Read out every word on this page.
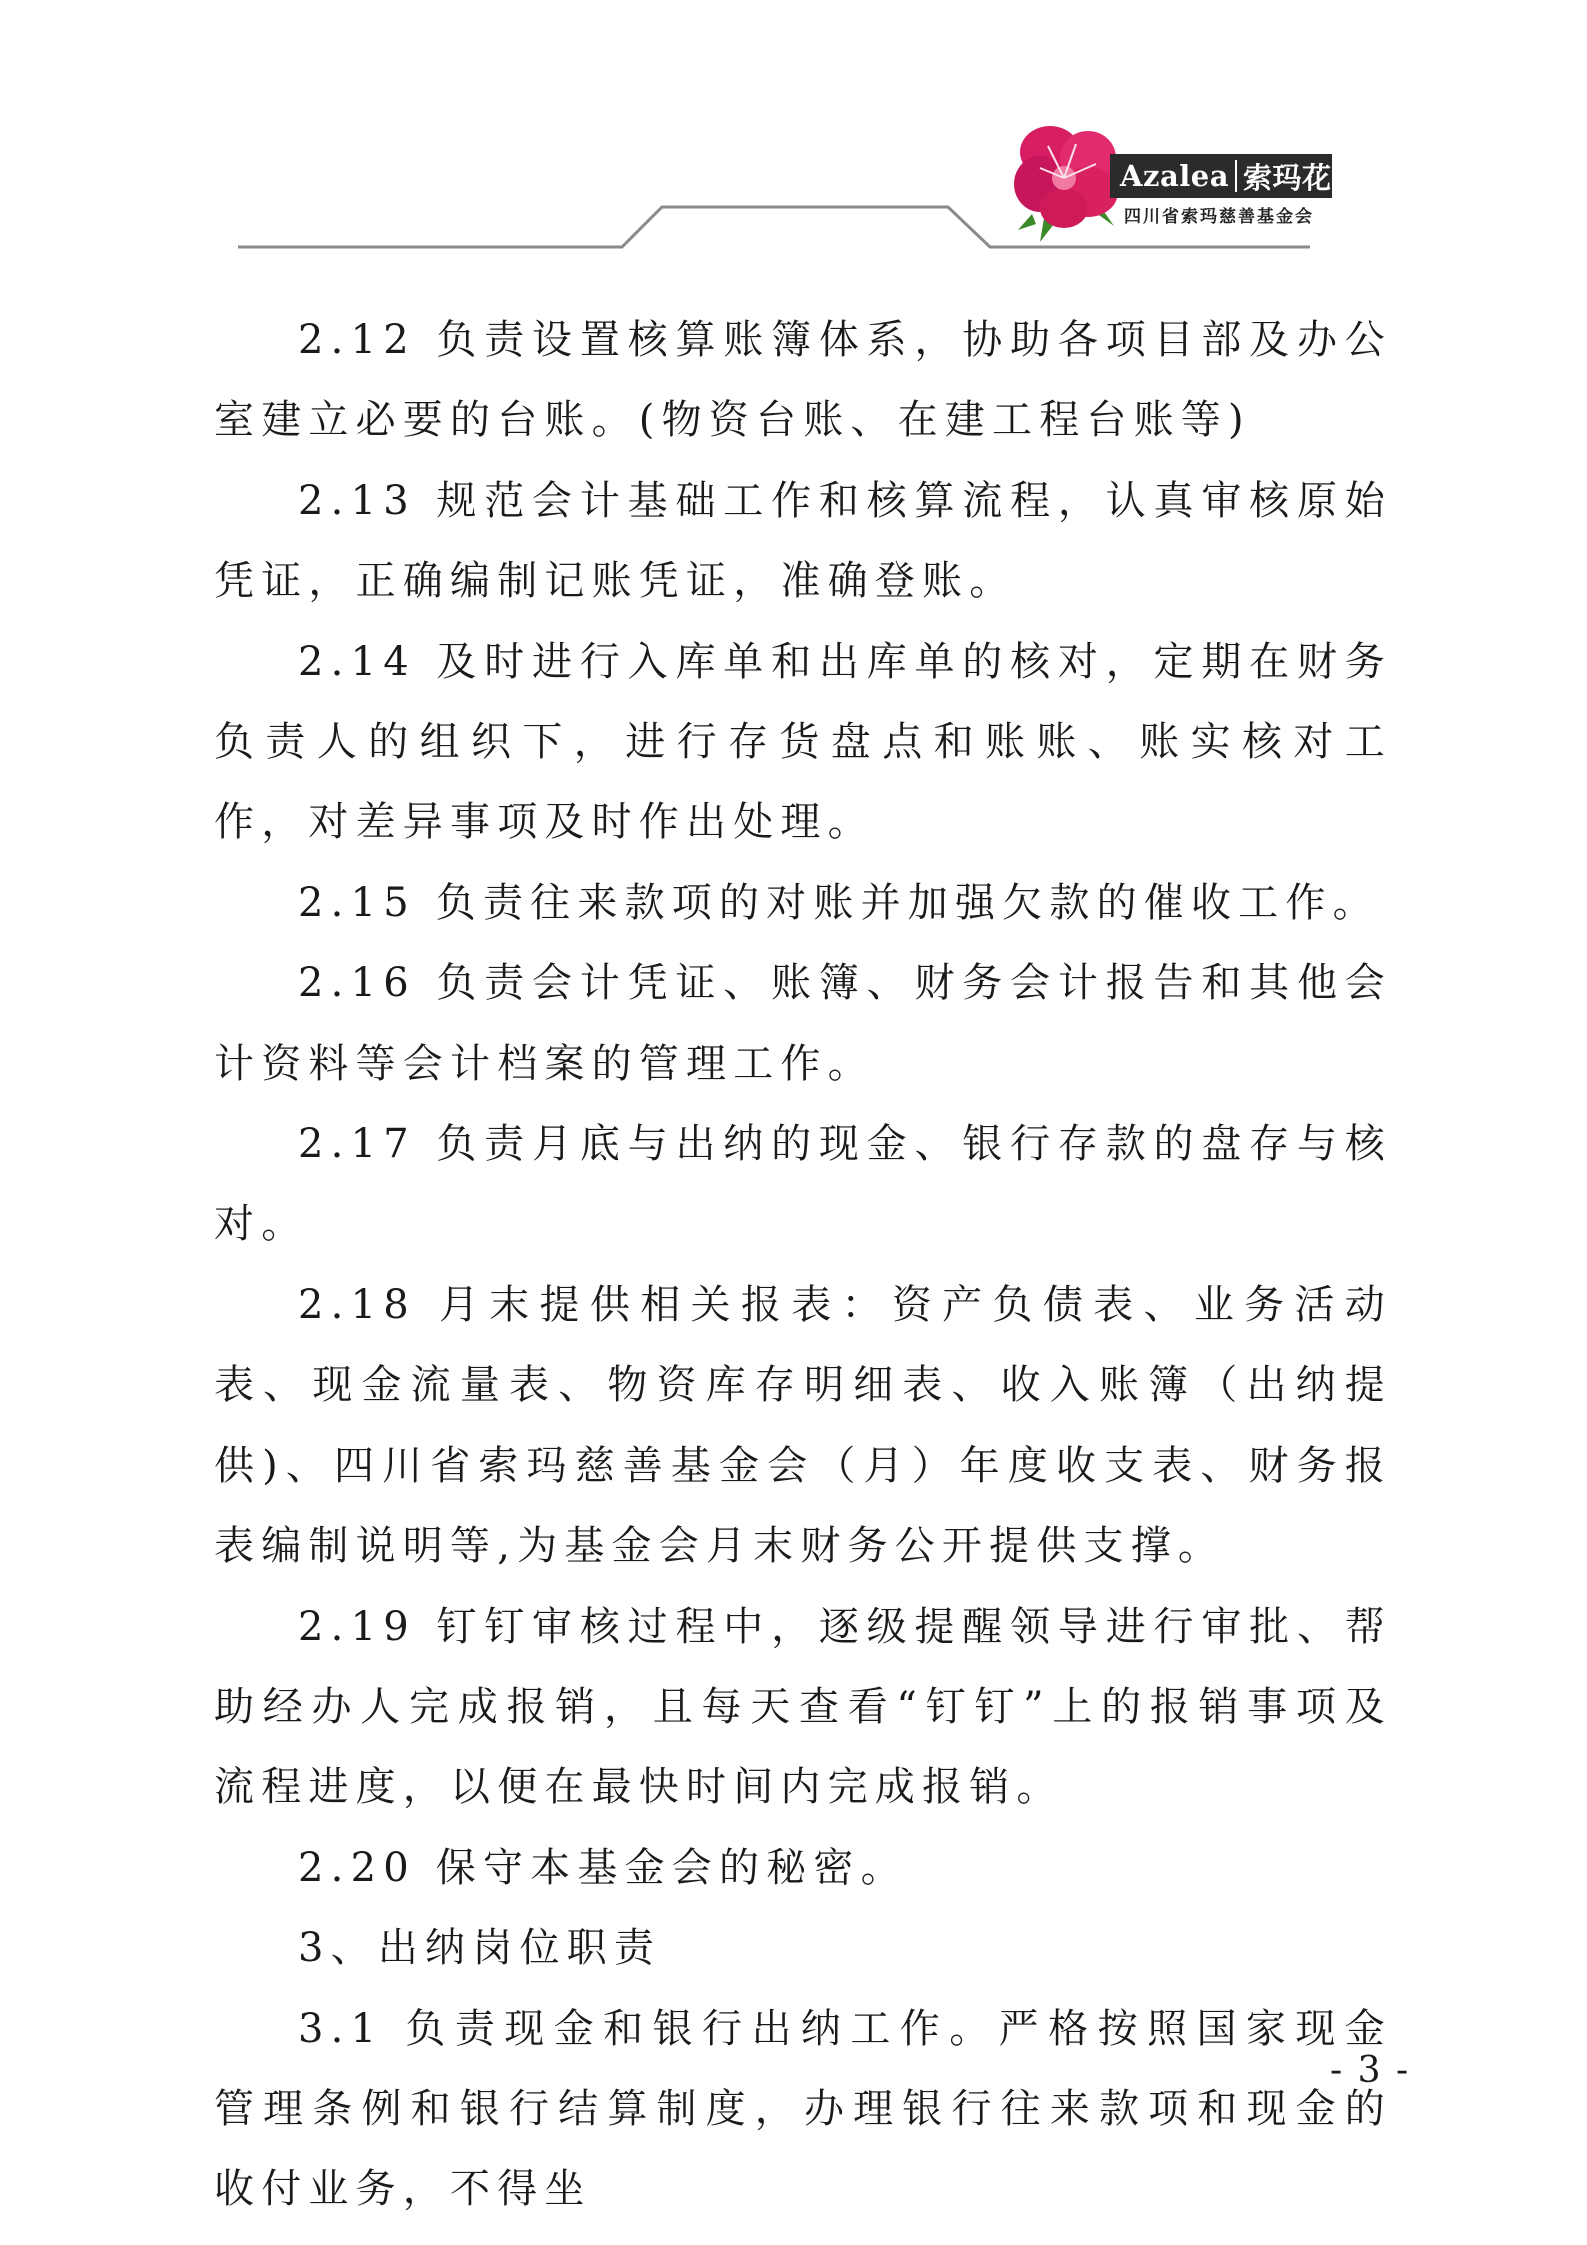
Azalea 索玛花
四川省索玛慈善基金会

2.12 负责设置核算账簿体系，协助各项目部及办公室建立必要的台账。(物资台账、在建工程台账等)

2.13 规范会计基础工作和核算流程，认真审核原始凭证，正确编制记账凭证，准确登账。

2.14 及时进行入库单和出库单的核对，定期在财务负责人的组织下，进行存货盘点和账账、账实核对工作，对差异事项及时作出处理。

2.15 负责往来款项的对账并加强欠款的催收工作。

2.16 负责会计凭证、账簿、财务会计报告和其他会计资料等会计档案的管理工作。

2.17 负责月底与出纳的现金、银行存款的盘存与核对。

2.18 月末提供相关报表：资产负债表、业务活动表、现金流量表、物资库存明细表、收入账簿（出纳提供)、四川省索玛慈善基金会（月）年度收支表、财务报表编制说明等,为基金会月末财务公开提供支撑。

2.19 钉钉审核过程中，逐级提醒领导进行审批、帮助经办人完成报销，且每天查看“钉钉”上的报销事项及流程进度，以便在最快时间内完成报销。

2.20 保守本基金会的秘密。

3、出纳岗位职责

3.1 负责现金和银行出纳工作。严格按照国家现金管理条例和银行结算制度，办理银行往来款项和现金的收付业务，不得坐

- 3 -
